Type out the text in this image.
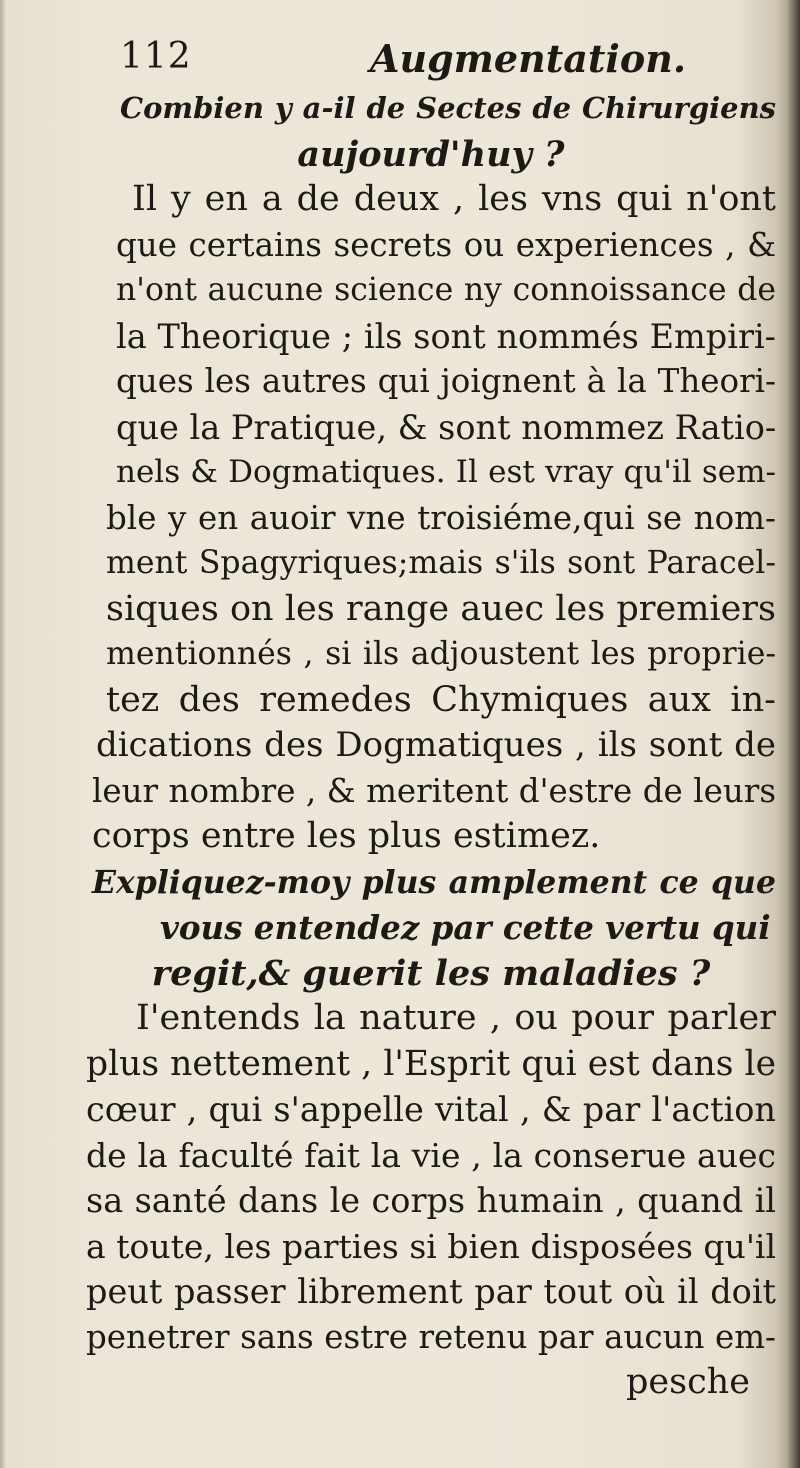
112	Augmentation.
Combien y a-il de Sectes de Chirurgiens
aujourd'huy ?
Il y en a de deux , les vns qui n'ont
que certains secrets ou experiences , &
n'ont aucune science ny connoissance de
la Theorique ; ils sont nommés Empiri-
ques les autres qui joignent à la Theori-
que la Pratique, & sont nommez Ratio-
nels & Dogmatiques. Il est vray qu'il sem-
ble y en auoir vne troisiéme,qui se nom-
ment Spagyriques;mais s'ils sont Paracel-
siques on les range auec les premiers
mentionnés , si ils adjoustent les proprie-
tez des remedes Chymiques aux in-
dications des Dogmatiques , ils sont de
leur nombre , & meritent d'estre de leurs
corps entre les plus estimez.
Expliquez-moy plus amplement ce que
vous entendez par cette vertu qui
regit,& guerit les maladies ?
I'entends la nature , ou pour parler
plus nettement , l'Esprit qui est dans le
cœur , qui s'appelle vital , & par l'action
de la faculté fait la vie , la conserue auec
sa santé dans le corps humain , quand il
a toute, les parties si bien disposées qu'il
peut passer librement par tout où il doit
penetrer sans estre retenu par aucun em-
pesche
